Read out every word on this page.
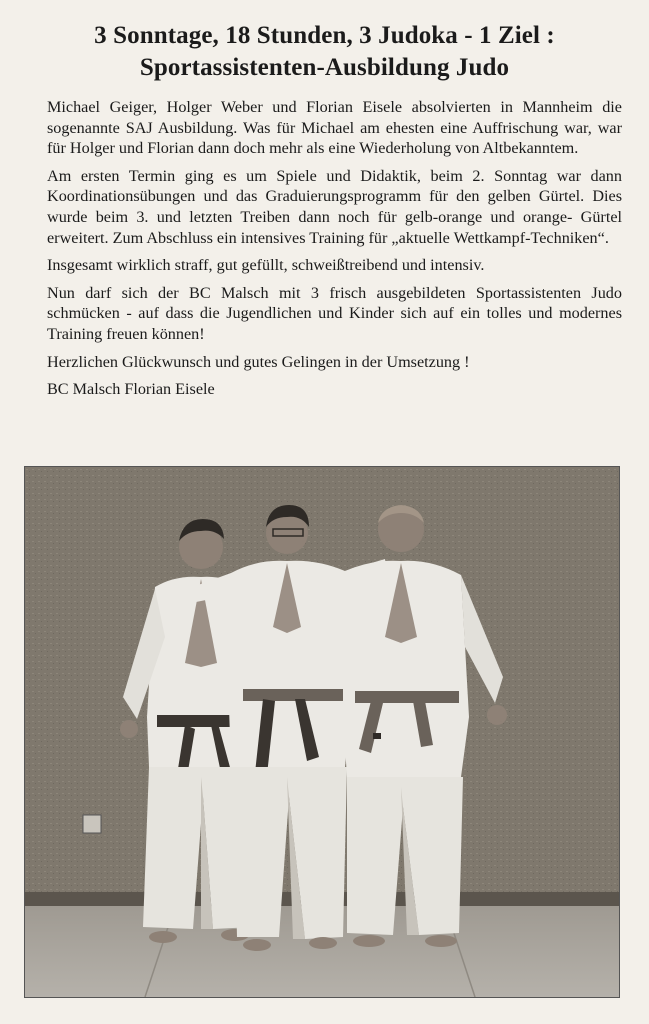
3 Sonntage, 18 Stunden, 3 Judoka - 1 Ziel :
Sportassistenten-Ausbildung Judo

Michael Geiger, Holger Weber und Florian Eisele absolvierten in Mannheim die sogenannte SAJ Ausbildung. Was für Michael am ehesten eine Auffrischung war, war für Holger und Florian dann doch mehr als eine Wiederholung von Altbekanntem.

Am ersten Termin ging es um Spiele und Didaktik, beim 2. Sonntag war dann Koordinationsübungen und das Graduierungsprogramm für den gelben Gürtel. Dies wurde beim 3. und letzten Treiben dann noch für gelb-orange und orange- Gürtel erweitert. Zum Abschluss ein intensives Training für „aktuelle Wettkampf-Techniken“.

Insgesamt wirklich straff, gut gefüllt, schweißtreibend und intensiv.

Nun darf sich der BC Malsch mit 3 frisch ausgebildeten Sportassistenten Judo schmücken - auf dass die Jugendlichen und Kinder sich auf ein tolles und modernes Training freuen können!

Herzlichen Glückwunsch und gutes Gelingen in der Umsetzung !

BC Malsch Florian Eisele
